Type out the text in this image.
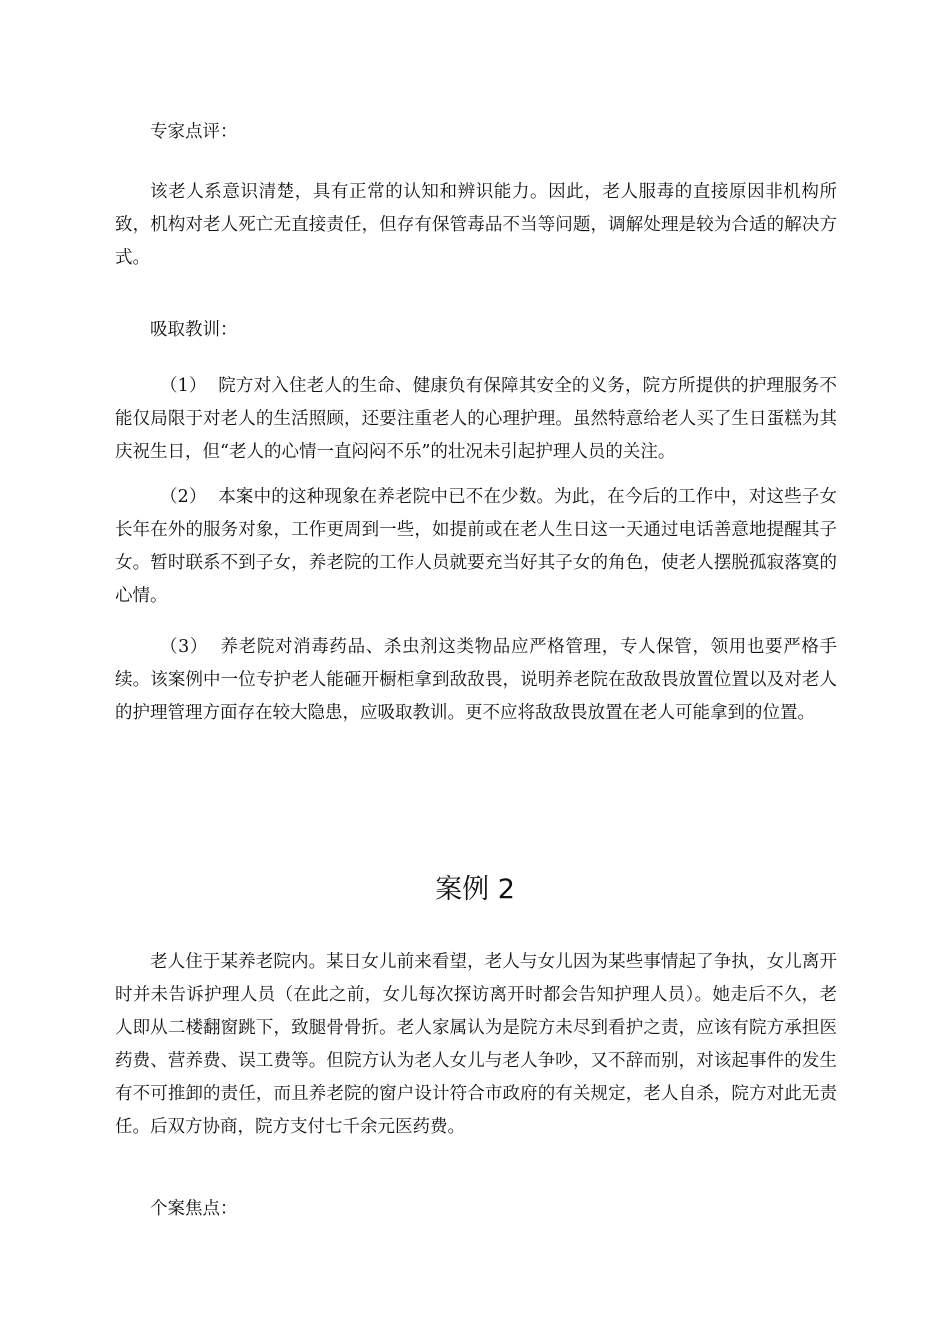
专家点评：

该老人系意识清楚，具有正常的认知和辨识能力。因此，老人服毒的直接原因非机构所致，机构对老人死亡无直接责任，但存有保管毒品不当等问题，调解处理是较为合适的解决方式。

吸取教训：

（1） 院方对入住老人的生命、健康负有保障其安全的义务，院方所提供的护理服务不能仅局限于对老人的生活照顾，还要注重老人的心理护理。虽然特意给老人买了生日蛋糕为其庆祝生日，但“老人的心情一直闷闷不乐”的壮况未引起护理人员的关注。

（2） 本案中的这种现象在养老院中已不在少数。为此，在今后的工作中，对这些子女长年在外的服务对象，工作更周到一些，如提前或在老人生日这一天通过电话善意地提醒其子女。暂时联系不到子女，养老院的工作人员就要充当好其子女的角色，使老人摆脱孤寂落寞的心情。

（3） 养老院对消毒药品、杀虫剂这类物品应严格管理，专人保管，领用也要严格手续。该案例中一位专护老人能砸开橱柜拿到敌敌畏，说明养老院在敌敌畏放置位置以及对老人的护理管理方面存在较大隐患，应吸取教训。更不应将敌敌畏放置在老人可能拿到的位置。

案例 2

老人住于某养老院内。某日女儿前来看望，老人与女儿因为某些事情起了争执，女儿离开时并未告诉护理人员（在此之前，女儿每次探访离开时都会告知护理人员）。她走后不久，老人即从二楼翻窗跳下，致腿骨骨折。老人家属认为是院方未尽到看护之责，应该有院方承担医药费、营养费、误工费等。但院方认为老人女儿与老人争吵，又不辞而别，对该起事件的发生有不可推卸的责任，而且养老院的窗户设计符合市政府的有关规定，老人自杀，院方对此无责任。后双方协商，院方支付七千余元医药费。

个案焦点：
